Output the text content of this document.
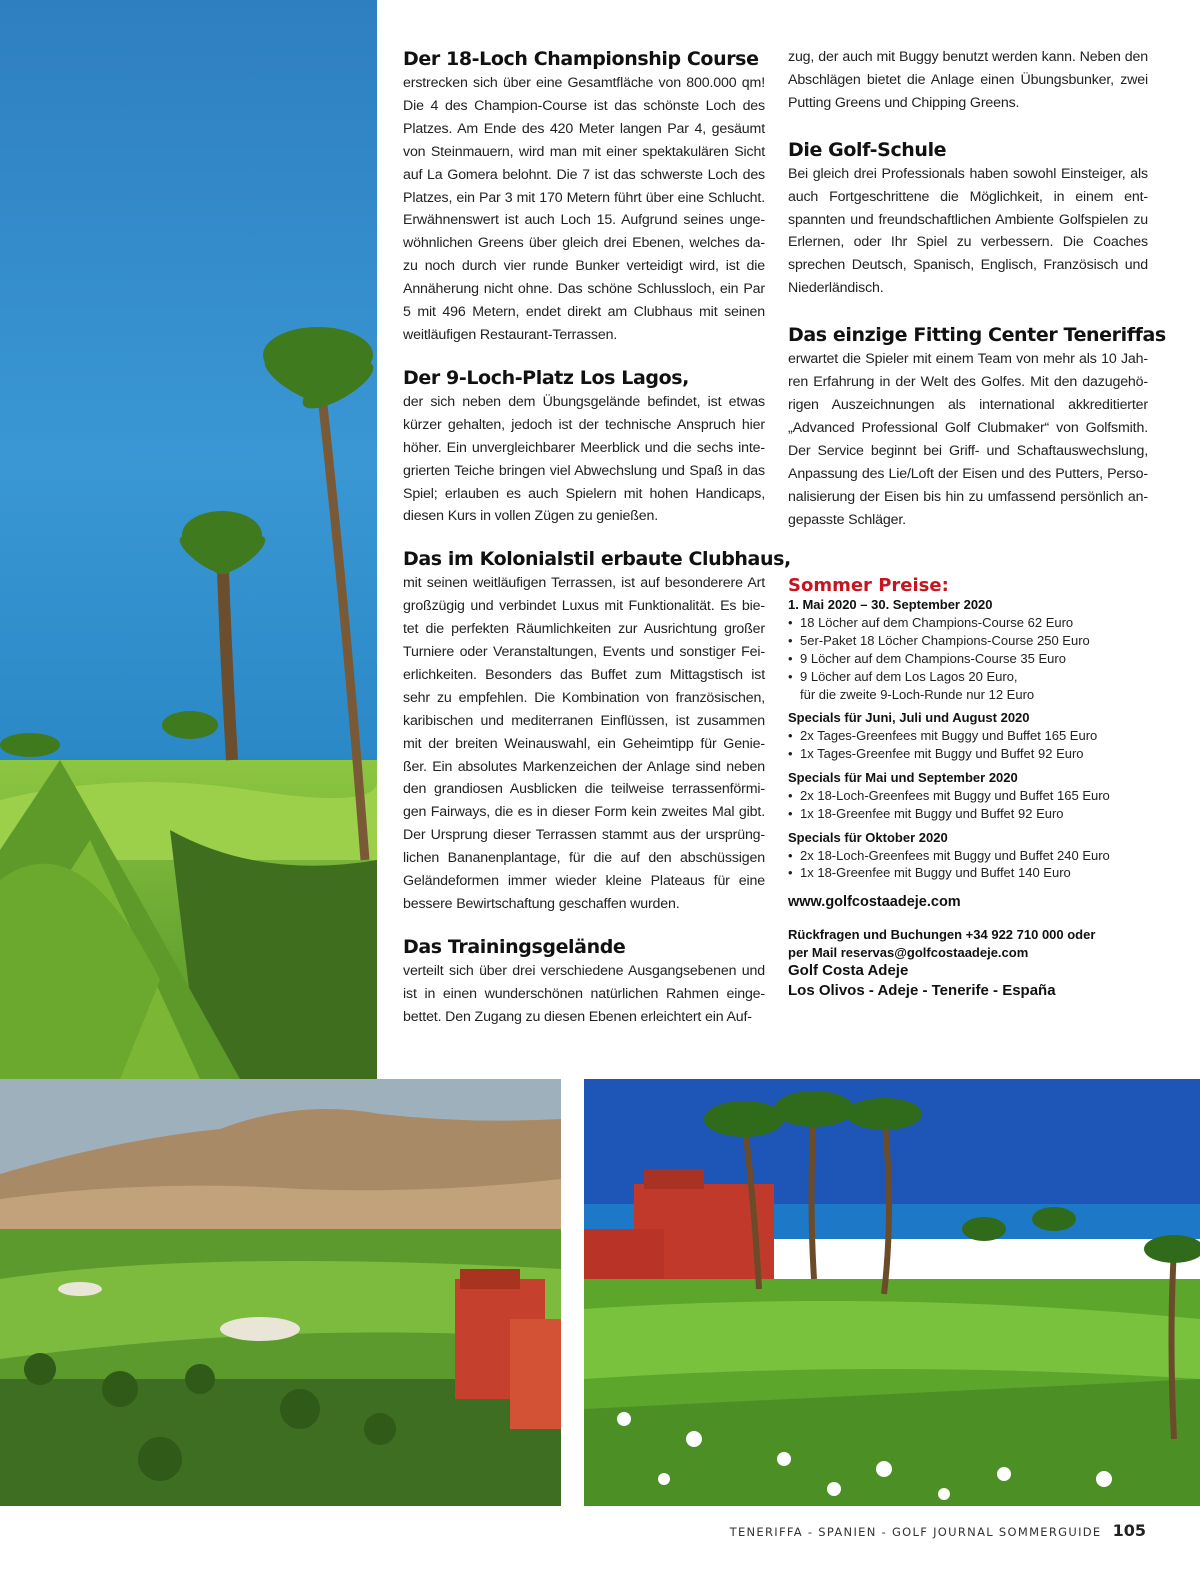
Der 18-Loch Championship Course

erstrecken sich über eine Gesamtfläche von 800.000 qm! Die 4 des Champion-Course ist das schönste Loch des Platzes. Am Ende des 420 Meter langen Par 4, gesäumt von Steinmauern, wird man mit einer spektakulären Sicht auf La Gomera belohnt. Die 7 ist das schwerste Loch des Platzes, ein Par 3 mit 170 Metern führt über eine Schlucht. Erwähnenswert ist auch Loch 15. Aufgrund seines unge- wöhnlichen Greens über gleich drei Ebenen, welches da- zu noch durch vier runde Bunker verteidigt wird, ist die Annäherung nicht ohne. Das schöne Schlussloch, ein Par 5 mit 496 Metern, endet direkt am Clubhaus mit seinen weitläufigen Restaurant-Terrassen.

Der 9-Loch-Platz Los Lagos,

der sich neben dem Übungsgelände befindet, ist etwas kürzer gehalten, jedoch ist der technische Anspruch hier höher. Ein unvergleichbarer Meerblick und die sechs inte- grierten Teiche bringen viel Abwechslung und Spaß in das Spiel; erlauben es auch Spielern mit hohen Handicaps, diesen Kurs in vollen Zügen zu genießen.

Das im Kolonialstil erbaute Clubhaus,

mit seinen weitläufigen Terrassen, ist auf besonderere Art großzügig und verbindet Luxus mit Funktionalität. Es bie- tet die perfekten Räumlichkeiten zur Ausrichtung großer Turniere oder Veranstaltungen, Events und sonstiger Fei- erlichkeiten. Besonders das Buffet zum Mittagstisch ist sehr zu empfehlen. Die Kombination von französischen, karibischen und mediterranen Einflüssen, ist zusammen mit der breiten Weinauswahl, ein Geheimtipp für Genie- ßer. Ein absolutes Markenzeichen der Anlage sind neben den grandiosen Ausblicken die teilweise terrassenförmi- gen Fairways, die es in dieser Form kein zweites Mal gibt. Der Ursprung dieser Terrassen stammt aus der ursprüng- lichen Bananenplantage, für die auf den abschüssigen Geländeformen immer wieder kleine Plateaus für eine bessere Bewirtschaftung geschaffen wurden.

Das Trainingsgelände

verteilt sich über drei verschiedene Ausgangsebenen und ist in einen wunderschönen natürlichen Rahmen einge- bettet. Den Zugang zu diesen Ebenen erleichtert ein Auf-

zug, der auch mit Buggy benutzt werden kann. Neben den Abschlägen bietet die Anlage einen Übungsbunker, zwei Putting Greens und Chipping Greens.

Die Golf-Schule

Bei gleich drei Professionals haben sowohl Einsteiger, als auch Fortgeschrittene die Möglichkeit, in einem ent- spannten und freundschaftlichen Ambiente Golfspielen zu Erlernen, oder Ihr Spiel zu verbessern. Die Coaches sprechen Deutsch, Spanisch, Englisch, Französisch und Niederländisch.

Das einzige Fitting Center Teneriffas

erwartet die Spieler mit einem Team von mehr als 10 Jah- ren Erfahrung in der Welt des Golfes. Mit den dazugehö- rigen Auszeichnungen als international akkreditierter „Advanced Professional Golf Clubmaker“ von Golfsmith. Der Service beginnt bei Griff- und Schaftauswechslung, Anpassung des Lie/Loft der Eisen und des Putters, Perso- nalisierung der Eisen bis hin zu umfassend persönlich an- gepasste Schläger.

Sommer Preise:

1. Mai 2020 – 30. September 2020

• 18 Löcher auf dem Champions-Course 62 Euro
• 5er-Paket 18 Löcher Champions-Course 250 Euro
• 9 Löcher auf dem Champions-Course 35 Euro
• 9 Löcher auf dem Los Lagos 20 Euro,

für die zweite 9-Loch-Runde nur 12 Euro

Specials für Juni, Juli und August 2020

• 2x Tages-Greenfees mit Buggy und Buffet 165 Euro
• 1x Tages-Greenfee mit Buggy und Buffet 92 Euro

Specials für Mai und September 2020

• 2x 18-Loch-Greenfees mit Buggy und Buffet 165 Euro
• 1x 18-Greenfee mit Buggy und Buffet 92 Euro

Specials für Oktober 2020

• 2x 18-Loch-Greenfees mit Buggy und Buffet 240 Euro
• 1x 18-Greenfee mit Buggy und Buffet 140 Euro

www.golfcostaadeje.com

Rückfragen und Buchungen +34 922 710 000 oder

per Mail reservas@golfcostaadeje.com

Golf Costa Adeje

Los Olivos - Adeje - Tenerife - España

TENERIFFA - SPANIEN - GOLF JOURNAL SOMMERGUIDE 105
